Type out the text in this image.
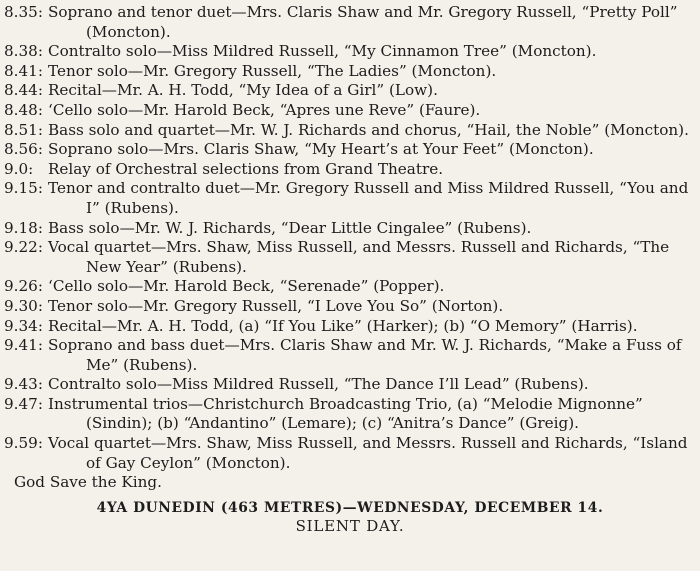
8.35: Soprano and tenor duet—Mrs. Claris Shaw and Mr. Gregory Russell, “Pretty Poll” (Moncton).
8.38: Contralto solo—Miss Mildred Russell, “My Cinnamon Tree” (Moncton).
8.41: Tenor solo—Mr. Gregory Russell, “The Ladies” (Moncton).
8.44: Recital—Mr. A. H. Todd, “My Idea of a Girl” (Low).
8.48: ‘Cello solo—Mr. Harold Beck, “Apres une Reve” (Faure).
8.51: Bass solo and quartet—Mr. W. J. Richards and chorus, “Hail, the Noble” (Moncton).
8.56: Soprano solo—Mrs. Claris Shaw, “My Heart’s at Your Feet” (Moncton).
9.0: Relay of Orchestral selections from Grand Theatre.
9.15: Tenor and contralto duet—Mr. Gregory Russell and Miss Mildred Russell, “You and I” (Rubens).
9.18: Bass solo—Mr. W. J. Richards, “Dear Little Cingalee” (Rubens).
9.22: Vocal quartet—Mrs. Shaw, Miss Russell, and Messrs. Russell and Richards, “The New Year” (Rubens).
9.26: ‘Cello solo—Mr. Harold Beck, “Serenade” (Popper).
9.30: Tenor solo—Mr. Gregory Russell, “I Love You So” (Norton).
9.34: Recital—Mr. A. H. Todd, (a) “If You Like” (Harker); (b) “O Memory” (Harris).
9.41: Soprano and bass duet—Mrs. Claris Shaw and Mr. W. J. Richards, “Make a Fuss of Me” (Rubens).
9.43: Contralto solo—Miss Mildred Russell, “The Dance I’ll Lead” (Rubens).
9.47: Instrumental trios—Christchurch Broadcasting Trio, (a) “Melodie Mignonne” (Sindin); (b) “Andantino” (Lemare); (c) “Anitra’s Dance” (Greig).
9.59: Vocal quartet—Mrs. Shaw, Miss Russell, and Messrs. Russell and Richards, “Island of Gay Ceylon” (Moncton).
God Save the King.
4YA DUNEDIN (463 METRES)—WEDNESDAY, DECEMBER 14.
SILENT DAY.
